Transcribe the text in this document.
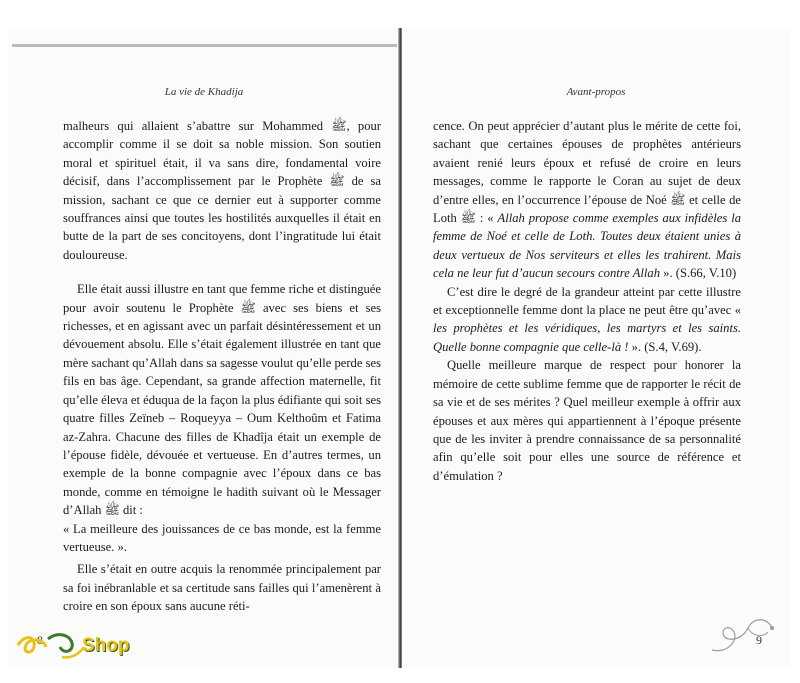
La vie de Khadija

malheurs qui allaient s’abattre sur Mohammed ﷺ, pour accomplir comme il se doit sa noble mission. Son soutien moral et spirituel était, il va sans dire, fondamental voire décisif, dans l’accomplissement par le Prophète ﷺ de sa mission, sachant ce que ce dernier eut à supporter comme souffrances ainsi que toutes les hostilités auxquelles il était en butte de la part de ses concitoyens, dont l’ingratitude lui était douloureuse.

Elle était aussi illustre en tant que femme riche et distinguée pour avoir soutenu le Prophète ﷺ avec ses biens et ses richesses, et en agissant avec un parfait désintéressement et un dévouement absolu. Elle s’était également illustrée en tant que mère sachant qu’Allah dans sa sagesse voulut qu’elle perde ses fils en bas âge. Cependant, sa grande affection maternelle, fit qu’elle éleva et éduqua de la façon la plus édifiante qui soit ses quatre filles Zeïneb – Roqueyya – Oum Kelthoûm et Fatima az-Zahra. Chacune des filles de Khadîja était un exemple de l’épouse fidèle, dévouée et vertueuse. En d’autres termes, un exemple de la bonne compagnie avec l’époux dans ce bas monde, comme en témoigne le hadith suivant où le Messager d’Allah ﷺ dit :

« La meilleure des jouissances de ce bas monde, est la femme vertueuse. ».

Elle s’était en outre acquis la renommée principalement par sa foi inébranlable et sa certitude sans failles qui l’amenèrent à croire en son époux sans aucune réti-

8
Avant-propos

cence. On peut apprécier d’autant plus le mérite de cette foi, sachant que certaines épouses de prophètes antérieurs avaient renié leurs époux et refusé de croire en leurs messages, comme le rapporte le Coran au sujet de deux d’entre elles, en l’occurrence l’épouse de Noé ﷺ et celle de Loth ﷺ : « Allah propose comme exemples aux infidèles la femme de Noé et celle de Loth. Toutes deux étaient unies à deux vertueux de Nos serviteurs et elles les trahirent. Mais cela ne leur fut d’aucun secours contre Allah ». (S.66, V.10)

C’est dire le degré de la grandeur atteint par cette illustre et exceptionnelle femme dont la place ne peut être qu’avec « les prophètes et les véridiques, les martyrs et les saints. Quelle bonne compagnie que celle-là ! ». (S.4, V.69).

Quelle meilleure marque de respect pour honorer la mémoire de cette sublime femme que de rapporter le récit de sa vie et de ses mérites ? Quel meilleur exemple à offrir aux épouses et aux mères qui appartiennent à l’époque présente que de les inviter à prendre connaissance de sa personnalité afin qu’elle soit pour elles une source de référence et d’émulation ?

9
Shop
